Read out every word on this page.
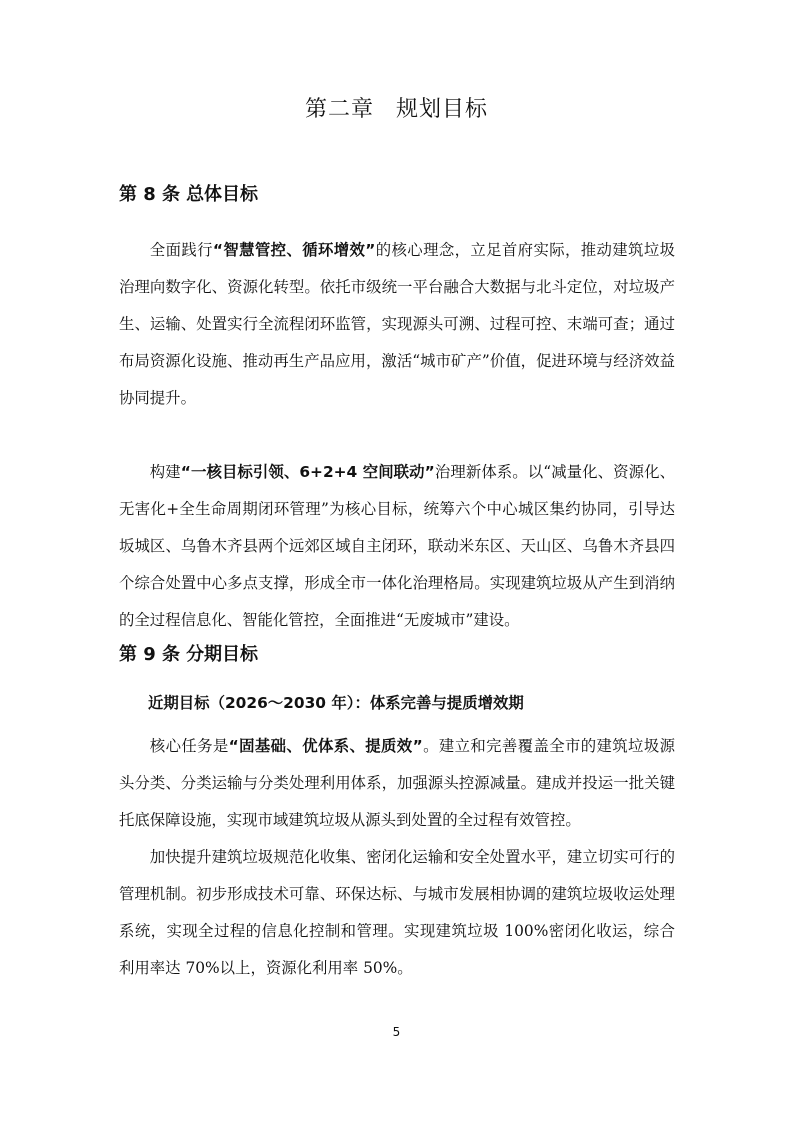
第二章 规划目标
第 8 条 总体目标

全面践行“智慧管控、循环增效”的核心理念，立足首府实际，推动建筑垃圾治理向数字化、资源化转型。依托市级统一平台融合大数据与北斗定位，对垃圾产生、运输、处置实行全流程闭环监管，实现源头可溯、过程可控、末端可查；通过布局资源化设施、推动再生产品应用，激活“城市矿产”价值，促进环境与经济效益协同提升。

构建“一核目标引领、6+2+4 空间联动”治理新体系。以“减量化、资源化、无害化+全生命周期闭环管理”为核心目标，统筹六个中心城区集约协同，引导达坂城区、乌鲁木齐县两个远郊区域自主闭环，联动米东区、天山区、乌鲁木齐县四个综合处置中心多点支撑，形成全市一体化治理格局。实现建筑垃圾从产生到消纳的全过程信息化、智能化管控，全面推进“无废城市”建设。

第 9 条 分期目标
近期目标（2026～2030 年）：体系完善与提质增效期

核心任务是“固基础、优体系、提质效”。建立和完善覆盖全市的建筑垃圾源头分类、分类运输与分类处理利用体系，加强源头控源减量。建成并投运一批关键托底保障设施，实现市域建筑垃圾从源头到处置的全过程有效管控。

加快提升建筑垃圾规范化收集、密闭化运输和安全处置水平，建立切实可行的管理机制。初步形成技术可靠、环保达标、与城市发展相协调的建筑垃圾收运处理系统，实现全过程的信息化控制和管理。实现建筑垃圾 100%密闭化收运，综合利用率达 70%以上，资源化利用率 50%。

5
